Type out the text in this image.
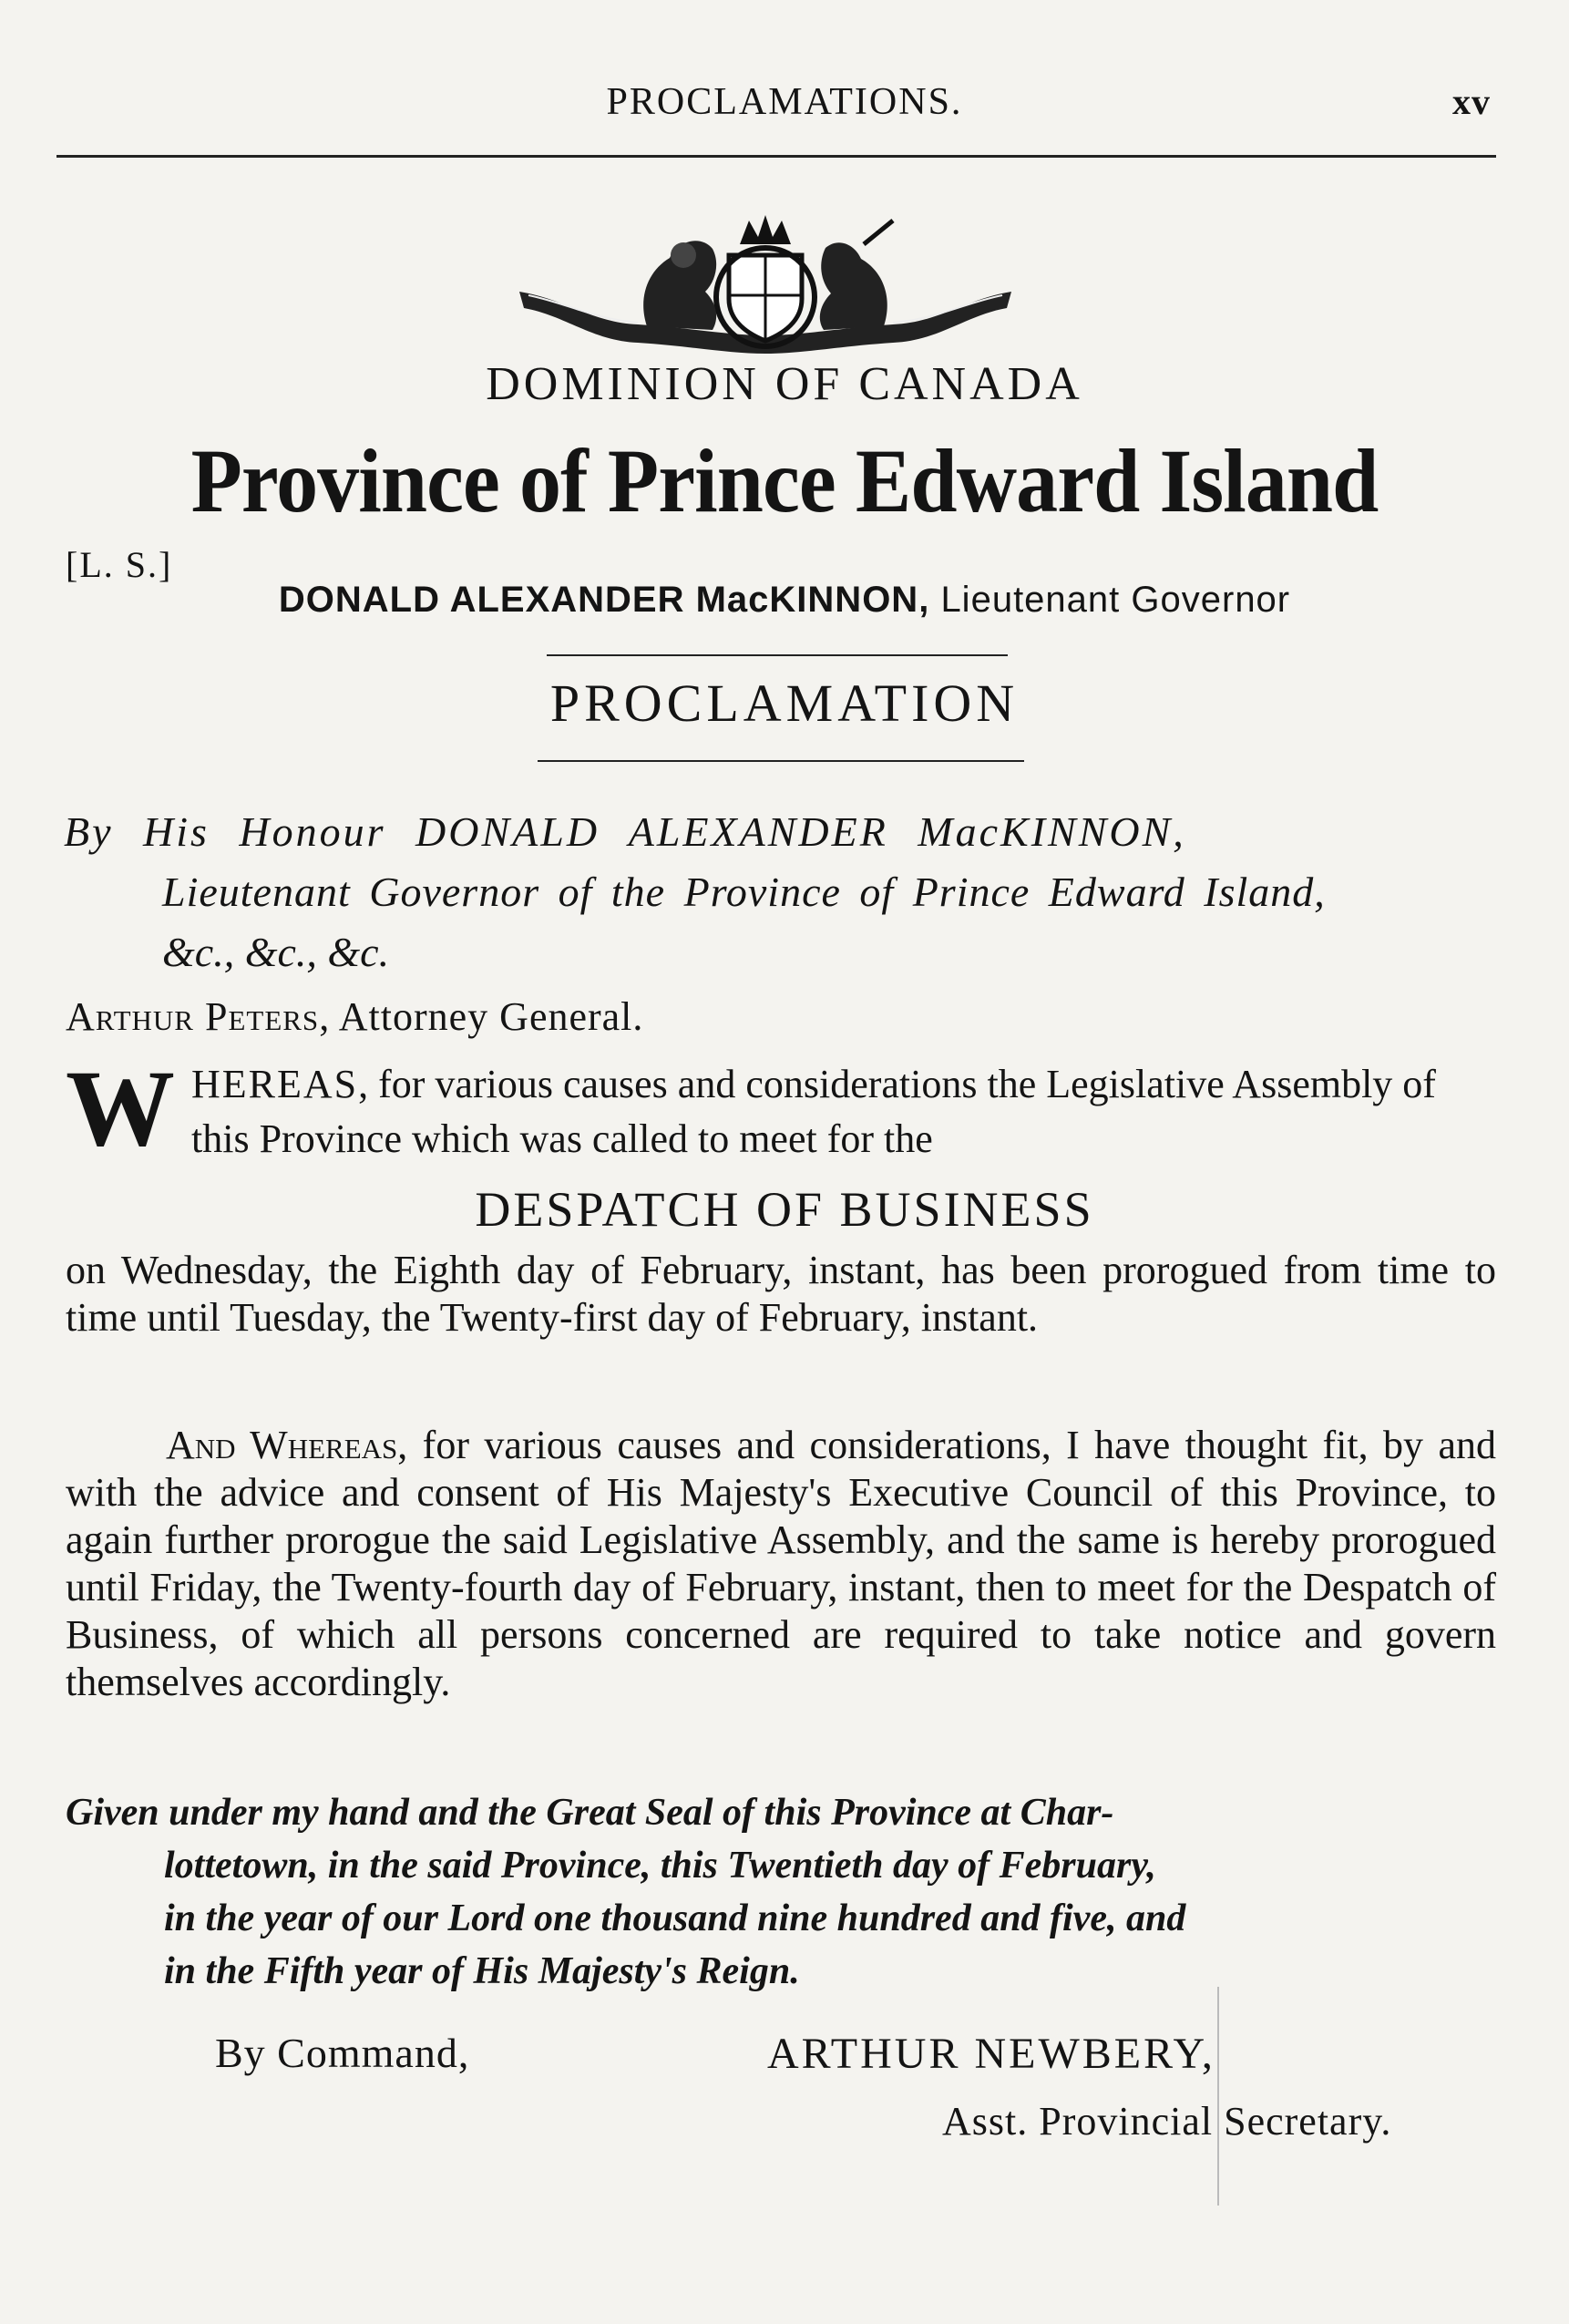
PROCLAMATIONS.	xv
DOMINION OF CANADA
Province of Prince Edward Island
[L. S.]
DONALD ALEXANDER MacKINNON, Lieutenant Governor
PROCLAMATION
By His Honour DONALD ALEXANDER MacKINNON,
Lieutenant Governor of the Province of Prince Edward Island,
&c., &c., &c.
Arthur Peters, Attorney General.
WHEREAS, for various causes and considerations the Legislative Assembly of this Province which was called to meet for the
DESPATCH OF BUSINESS
on Wednesday, the Eighth day of February, instant, has been prorogued from time to time until Tuesday, the Twenty-first day of February, instant.
And Whereas, for various causes and considerations, I have thought fit, by and with the advice and consent of His Majesty's Executive Council of this Province, to again further prorogue the said Legislative Assembly, and the same is hereby prorogued until Friday, the Twenty-fourth day of February, instant, then to meet for the Despatch of Business, of which all persons concerned are required to take notice and govern themselves accordingly.
Given under my hand and the Great Seal of this Province at Char-
lottetown, in the said Province, this Twentieth day of February,
in the year of our Lord one thousand nine hundred and five, and
in the Fifth year of His Majesty's Reign.
By Command,	ARTHUR NEWBERY,
Asst. Provincial Secretary.
